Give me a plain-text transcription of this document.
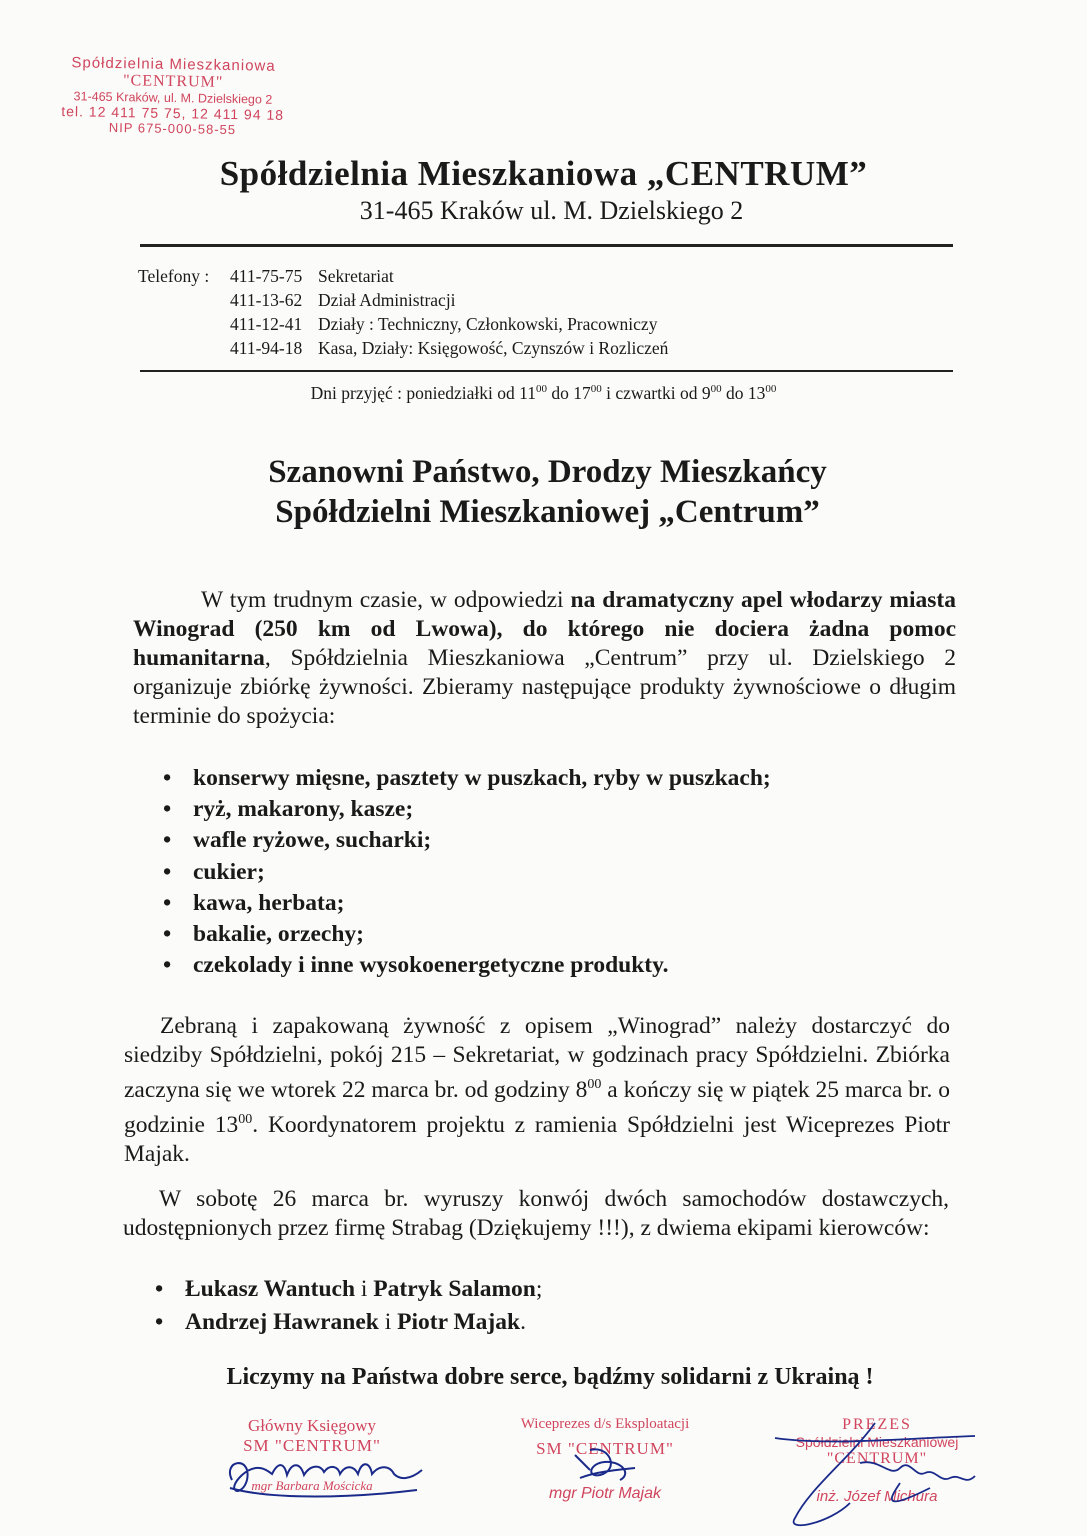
Spółdzielnia Mieszkaniowa
"CENTRUM"
31-465 Kraków, ul. M. Dzielskiego 2
tel. 12 411 75 75, 12 411 94 18
NIP 675-000-58-55
Spółdzielnia Mieszkaniowa „CENTRUM”
31-465 Kraków ul. M. Dzielskiego 2
Telefony :	411-75-75 Sekretariat
411-13-62 Dział Administracji
411-12-41 Działy : Techniczny, Członkowski, Pracowniczy
411-94-18 Kasa, Działy: Księgowość, Czynszów i Rozliczeń
Dni przyjęć : poniedziałki od $11^{00}$ do $17^{00}$ i czwartki od $9^{00}$ do $13^{00}$
Szanowni Państwo, Drodzy Mieszkańcy
Spółdzielni Mieszkaniowej „Centrum”
W tym trudnym czasie, w odpowiedzi na dramatyczny apel włodarzy miasta Winograd (250 km od Lwowa), do którego nie dociera żadna pomoc humanitarna, Spółdzielnia Mieszkaniowa „Centrum” przy ul. Dzielskiego 2 organizuje zbiórkę żywności. Zbieramy następujące produkty żywnościowe o długim terminie do spożycia:
• konserwy mięsne, pasztety w puszkach, ryby w puszkach;
• ryż, makarony, kasze;
• wafle ryżowe, sucharki;
• cukier;
• kawa, herbata;
• bakalie, orzechy;
• czekolady i inne wysokoenergetyczne produkty.
Zebraną i zapakowaną żywność z opisem „Winograd” należy dostarczyć do siedziby Spółdzielni, pokój 215 – Sekretariat, w godzinach pracy Spółdzielni. Zbiórka zaczyna się we wtorek 22 marca br. od godziny $8^{00}$ a kończy się w piątek 25 marca br. o godzinie $13^{00}$. Koordynatorem projektu z ramienia Spółdzielni jest Wiceprezes Piotr Majak.
W sobotę 26 marca br. wyruszy konwój dwóch samochodów dostawczych, udostępnionych przez firmę Strabag (Dziękujemy !!!), z dwiema ekipami kierowców:
• Łukasz Wantuch i Patryk Salamon;
• Andrzej Hawranek i Piotr Majak.
Liczymy na Państwa dobre serce, bądźmy solidarni z Ukrainą !
Główny Księgowy
SM "CENTRUM"
mgr Barbara Mościcka
Wiceprezes d/s Eksploatacji
SM "CENTRUM"
mgr Piotr Majak
PREZES
Spółdzielni Mieszkaniowej
"CENTRUM"
inż. Józef Michura
